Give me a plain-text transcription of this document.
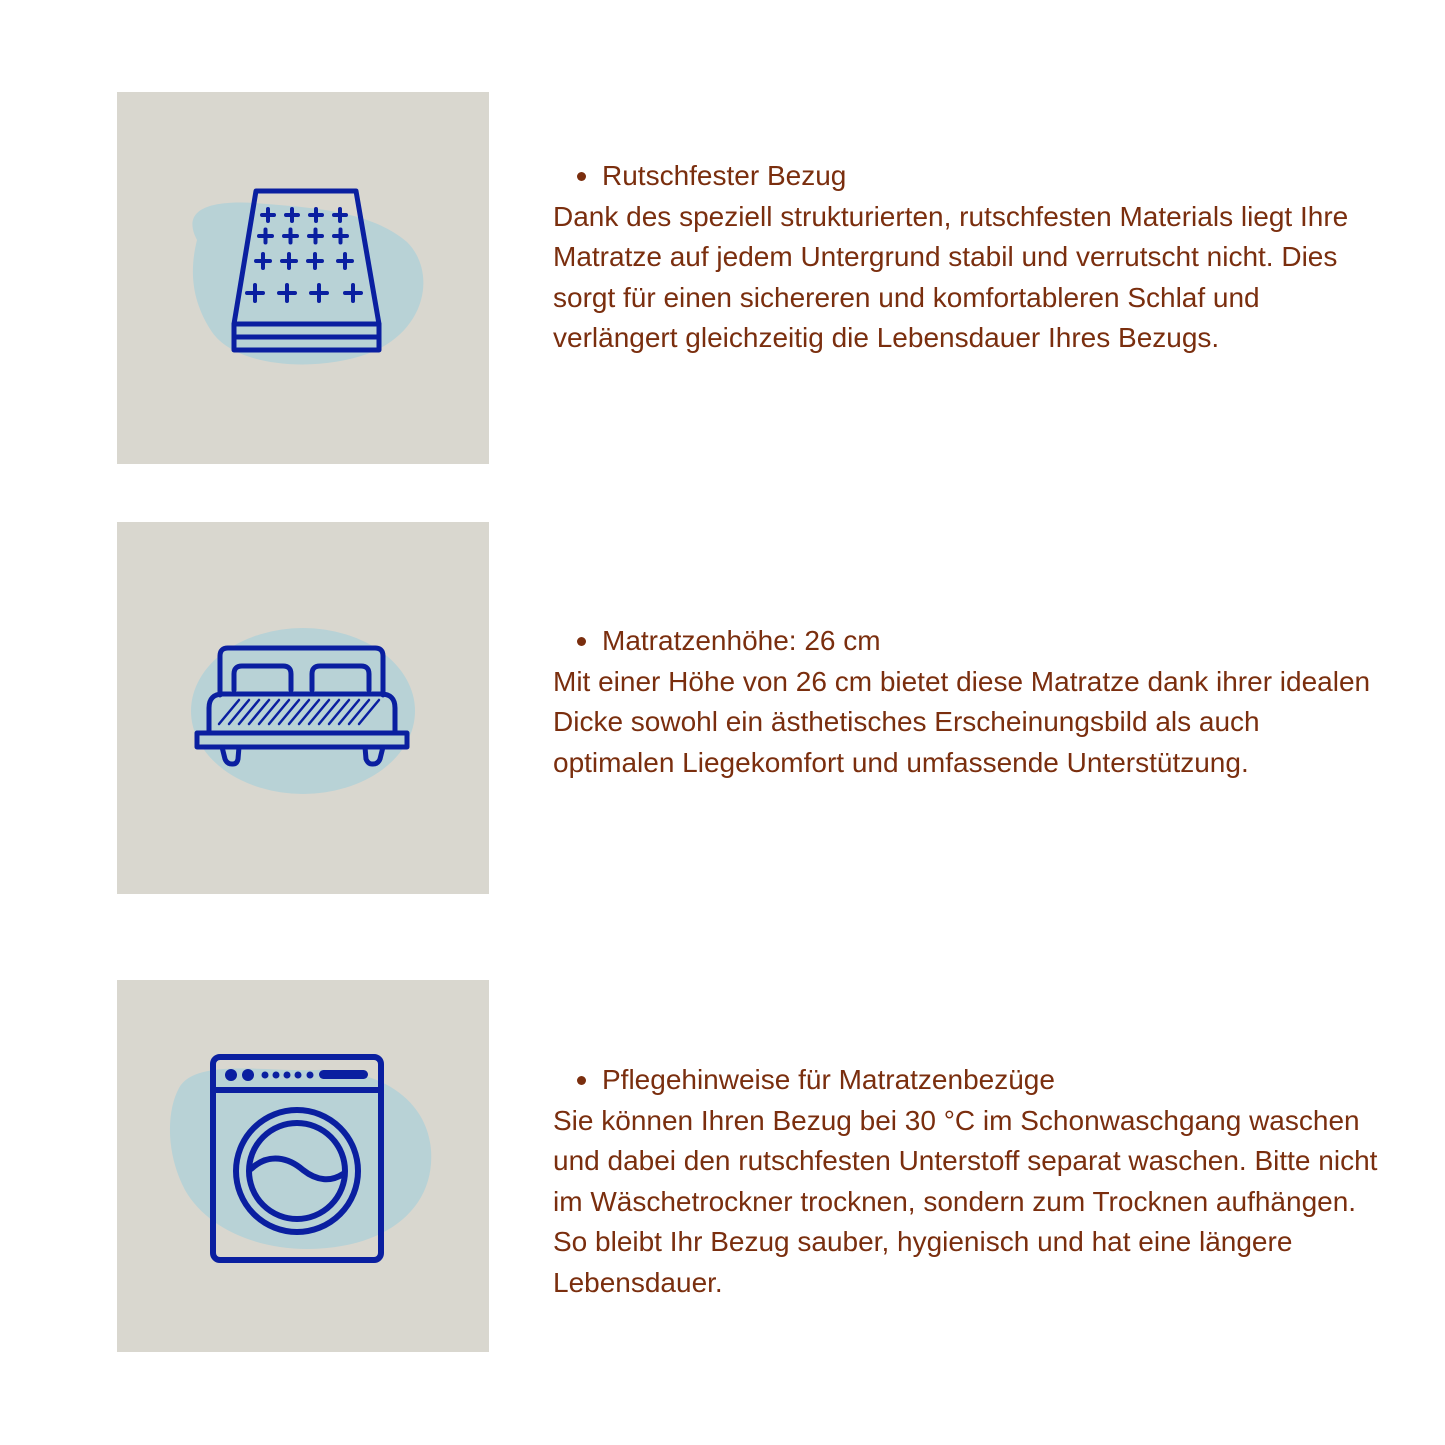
Rutschfester Bezug

Dank des speziell strukturierten, rutschfesten Materials liegt Ihre Matratze auf jedem Untergrund stabil und verrutscht nicht. Dies sorgt für einen sichereren und komfortableren Schlaf und verlängert gleichzeitig die Lebensdauer Ihres Bezugs.

Matratzenhöhe: 26 cm

Mit einer Höhe von 26 cm bietet diese Matratze dank ihrer idealen Dicke sowohl ein ästhetisches Erscheinungsbild als auch optimalen Liegekomfort und umfassende Unterstützung.

Pflegehinweise für Matratzenbezüge

Sie können Ihren Bezug bei 30 °C im Schonwaschgang waschen und dabei den rutschfesten Unterstoff separat waschen. Bitte nicht im Wäschetrockner trocknen, sondern zum Trocknen aufhängen. So bleibt Ihr Bezug sauber, hygienisch und hat eine längere Lebensdauer.
